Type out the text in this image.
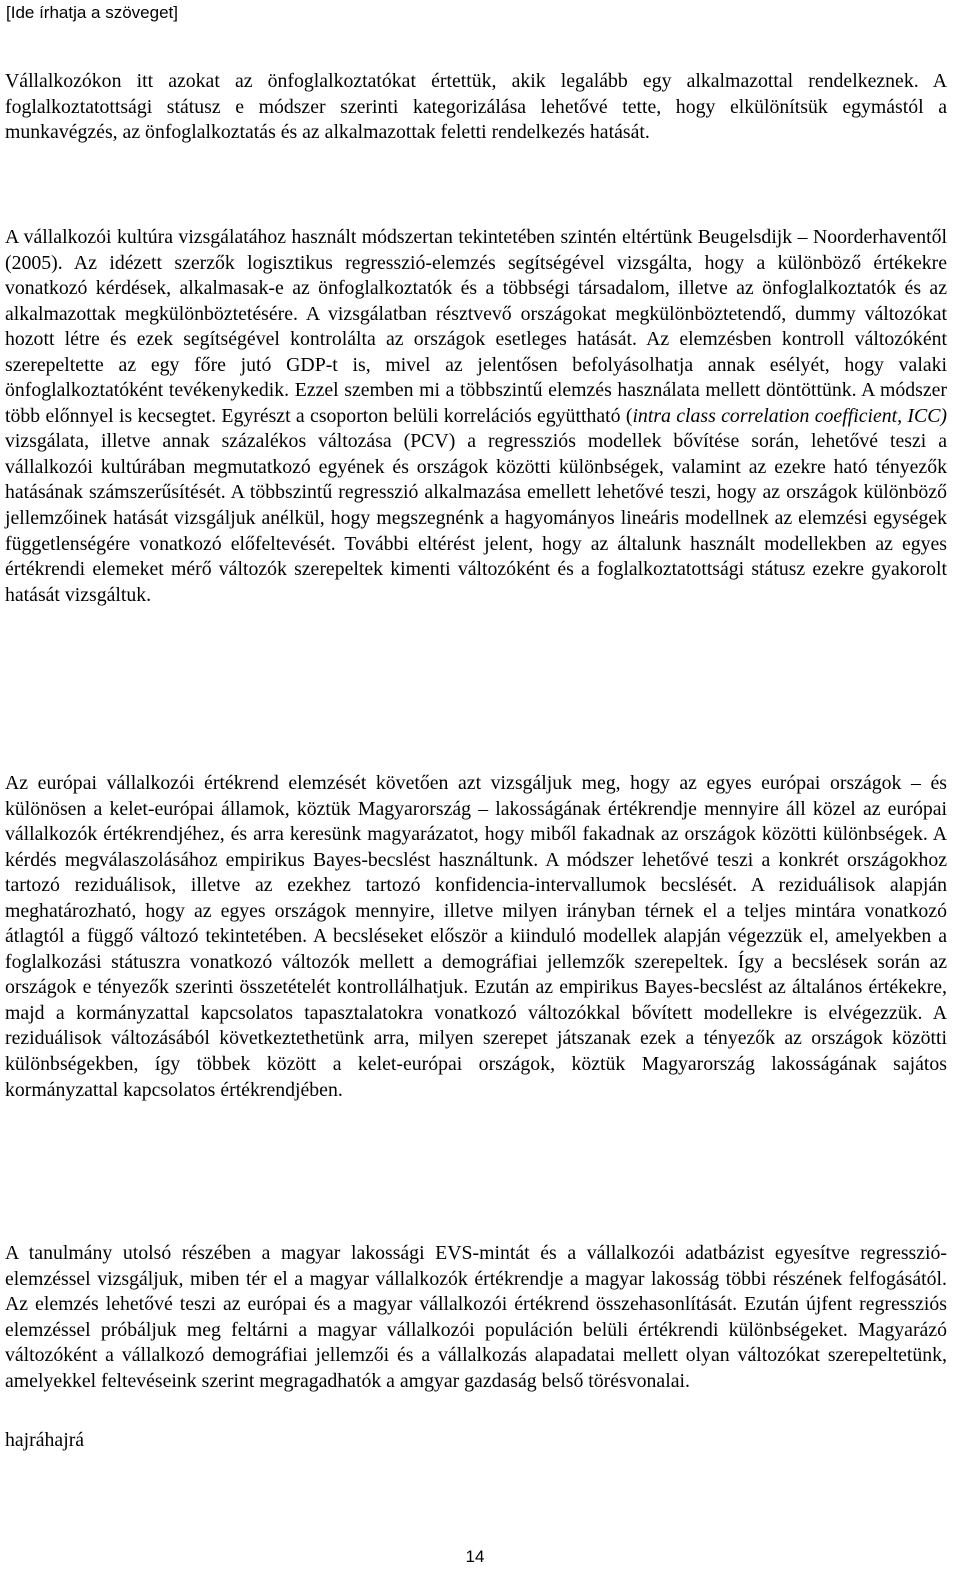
[Ide írhatja a szöveget]

Vállalkozókon itt azokat az önfoglalkoztatókat értettük, akik legalább egy alkalmazottal rendelkeznek. A foglalkoztatottsági státusz e módszer szerinti kategorizálása lehetővé tette, hogy elkülönítsük egymástól a munkavégzés, az önfoglalkoztatás és az alkalmazottak feletti rendelkezés hatását.

A vállalkozói kultúra vizsgálatához használt módszertan tekintetében szintén eltértünk Beugelsdijk – Noorderhaventől (2005). Az idézett szerzők logisztikus regresszió-elemzés segítségével vizsgálta, hogy a különböző értékekre vonatkozó kérdések, alkalmasak-e az önfoglalkoztatók és a többségi társadalom, illetve az önfoglalkoztatók és az alkalmazottak megkülönböztetésére. A vizsgálatban résztvevő országokat megkülönböztetendő, dummy változókat hozott létre és ezek segítségével kontrolálta az országok esetleges hatását. Az elemzésben kontroll változóként szerepeltette az egy főre jutó GDP-t is, mivel az jelentősen befolyásolhatja annak esélyét, hogy valaki önfoglalkoztatóként tevékenykedik. Ezzel szemben mi a többszintű elemzés használata mellett döntöttünk. A módszer több előnnyel is kecsegtet. Egyrészt a csoporton belüli korrelációs együttható (intra class correlation coefficient, ICC) vizsgálata, illetve annak százalékos változása (PCV) a regressziós modellek bővítése során, lehetővé teszi a vállalkozói kultúrában megmutatkozó egyének és országok közötti különbségek, valamint az ezekre ható tényezők hatásának számszerűsítését. A többszintű regresszió alkalmazása emellett lehetővé teszi, hogy az országok különböző jellemzőinek hatását vizsgáljuk anélkül, hogy megszegnénk a hagyományos lineáris modellnek az elemzési egységek függetlenségére vonatkozó előfeltevését. További eltérést jelent, hogy az általunk használt modellekben az egyes értékrendi elemeket mérő változók szerepeltek kimenti változóként és a foglalkoztatottsági státusz ezekre gyakorolt hatását vizsgáltuk.

Az európai vállalkozói értékrend elemzését követően azt vizsgáljuk meg, hogy az egyes európai országok – és különösen a kelet-európai államok, köztük Magyarország – lakosságának értékrendje mennyire áll közel az európai vállalkozók értékrendjéhez, és arra keresünk magyarázatot, hogy miből fakadnak az országok közötti különbségek. A kérdés megválaszolásához empirikus Bayes-becslést használtunk. A módszer lehetővé teszi a konkrét országokhoz tartozó reziduálisok, illetve az ezekhez tartozó konfidencia-intervallumok becslését. A reziduálisok alapján meghatározható, hogy az egyes országok mennyire, illetve milyen irányban térnek el a teljes mintára vonatkozó átlagtól a függő változó tekintetében. A becsléseket először a kiinduló modellek alapján végezzük el, amelyekben a foglalkozási státuszra vonatkozó változók mellett a demográfiai jellemzők szerepeltek. Így a becslések során az országok e tényezők szerinti összetételét kontrollálhatjuk. Ezután az empirikus Bayes-becslést az általános értékekre, majd a kormányzattal kapcsolatos tapasztalatokra vonatkozó változókkal bővített modellekre is elvégezzük. A reziduálisok változásából következtethetünk arra, milyen szerepet játszanak ezek a tényezők az országok közötti különbségekben, így többek között a kelet-európai országok, köztük Magyarország lakosságának sajátos kormányzattal kapcsolatos értékrendjében.

A tanulmány utolsó részében a magyar lakossági EVS-mintát és a vállalkozói adatbázist egyesítve regresszió-elemzéssel vizsgáljuk, miben tér el a magyar vállalkozók értékrendje a magyar lakosság többi részének felfogásától. Az elemzés lehetővé teszi az európai és a magyar vállalkozói értékrend összehasonlítását. Ezután újfent regressziós elemzéssel próbáljuk meg feltárni a magyar vállalkozói populáción belüli értékrendi különbségeket. Magyarázó változóként a vállalkozó demográfiai jellemzői és a vállalkozás alapadatai mellett olyan változókat szerepeltetünk, amelyekkel feltevéseink szerint megragadhatók a amgyar gazdaság belső törésvonalai.

hajráhajrá
14
